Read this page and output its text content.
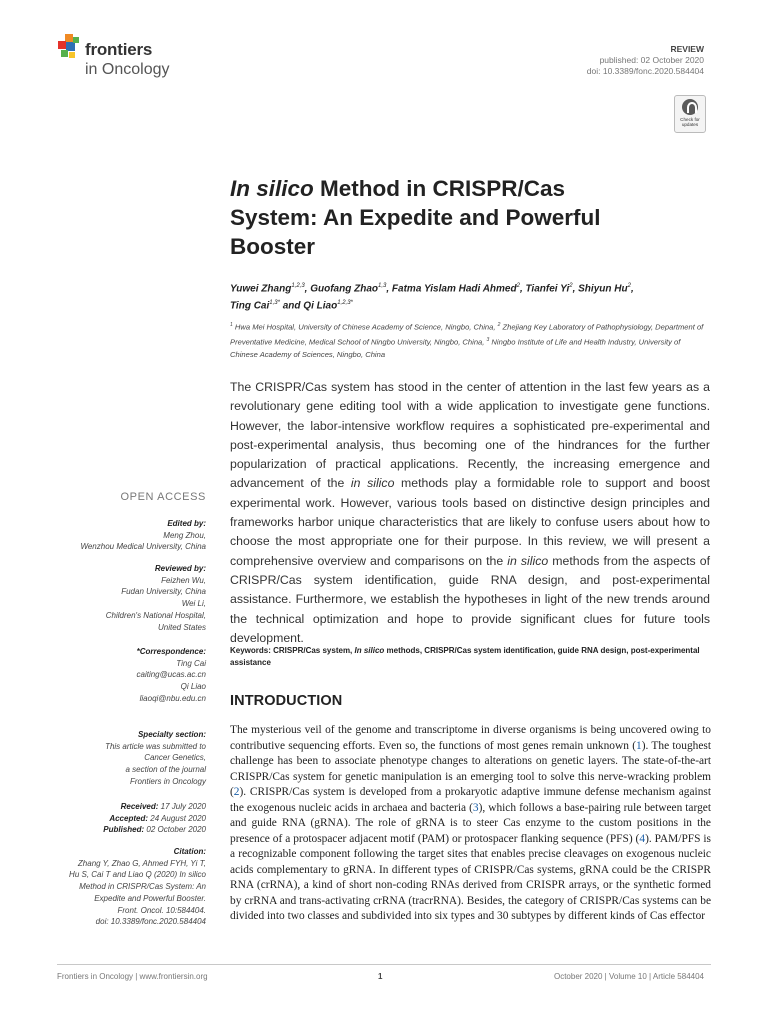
frontiers
in Oncology
REVIEW
published: 02 October 2020
doi: 10.3389/fonc.2020.584404
Check for updates
In silico Method in CRISPR/Cas
System: An Expedite and Powerful
Booster
Yuwei Zhang$^{1,2,3}$, Guofang Zhao$^{1,3}$, Fatma Yislam Hadi Ahmed$^2$, Tianfei Yi$^2$, Shiyun Hu$^2$,
Ting Cai$^{1,3*}$ and Qi Liao$^{1,2,3*}$
$^1$ Hwa Mei Hospital, University of Chinese Academy of Science, Ningbo, China, $^2$ Zhejiang Key Laboratory of Pathophysiology, Department of Preventative Medicine, Medical School of Ningbo University, Ningbo, China, $^3$ Ningbo Institute of Life and Health Industry, University of Chinese Academy of Sciences, Ningbo, China
The CRISPR/Cas system has stood in the center of attention in the last few years as a revolutionary gene editing tool with a wide application to investigate gene functions. However, the labor-intensive workflow requires a sophisticated pre-experimental and post-experimental analysis, thus becoming one of the hindrances for the further popularization of practical applications. Recently, the increasing emergence and advancement of the in silico methods play a formidable role to support and boost experimental work. However, various tools based on distinctive design principles and frameworks harbor unique characteristics that are likely to confuse users about how to choose the most appropriate one for their purpose. In this review, we will present a comprehensive overview and comparisons on the in silico methods from the aspects of CRISPR/Cas system identification, guide RNA design, and post-experimental assistance. Furthermore, we establish the hypotheses in light of the new trends around the technical optimization and hope to provide significant clues for future tools development.
Keywords: CRISPR/Cas system, In silico methods, CRISPR/Cas system identification, guide RNA design, post-experimental assistance
INTRODUCTION
The mysterious veil of the genome and transcriptome in diverse organisms is being uncovered owing to contributive sequencing efforts. Even so, the functions of most genes remain unknown (1). The toughest challenge has been to associate phenotype changes to alterations on genetic layers. The state-of-the-art CRISPR/Cas system for genetic manipulation is an emerging tool to solve this nerve-wracking problem (2). CRISPR/Cas system is developed from a prokaryotic adaptive immune defense mechanism against the exogenous nucleic acids in archaea and bacteria (3), which follows a base-pairing rule between target and guide RNA (gRNA). The role of gRNA is to steer Cas enzyme to the custom positions in the presence of a protospacer adjacent motif (PAM) or protospacer flanking sequence (PFS) (4). PAM/PFS is a recognizable component following the target sites that enables precise cleavages on exogenous nucleic acids complementary to gRNA. In different types of CRISPR/Cas systems, gRNA could be the CRISPR RNA (crRNA), a kind of short non-coding RNAs derived from CRISPR arrays, or the synthetic formed by crRNA and trans-activating crRNA (tracrRNA). Besides, the category of CRISPR/Cas systems can be divided into two classes and subdivided into six types and 30 subtypes by different kinds of Cas effector
OPEN ACCESS
Edited by:
Meng Zhou,
Wenzhou Medical University, China
Reviewed by:
Feizhen Wu,
Fudan University, China
Wei Li,
Children's National Hospital,
United States
*Correspondence:
Ting Cai
caiting@ucas.ac.cn
Qi Liao
liaoqi@nbu.edu.cn
Specialty section:
This article was submitted to
Cancer Genetics,
a section of the journal
Frontiers in Oncology
Received: 17 July 2020
Accepted: 24 August 2020
Published: 02 October 2020
Citation:
Zhang Y, Zhao G, Ahmed FYH, Yi T,
Hu S, Cai T and Liao Q (2020) In silico
Method in CRISPR/Cas System: An
Expedite and Powerful Booster.
Front. Oncol. 10:584404.
doi: 10.3389/fonc.2020.584404
Frontiers in Oncology | www.frontiersin.org	1	October 2020 | Volume 10 | Article 584404
